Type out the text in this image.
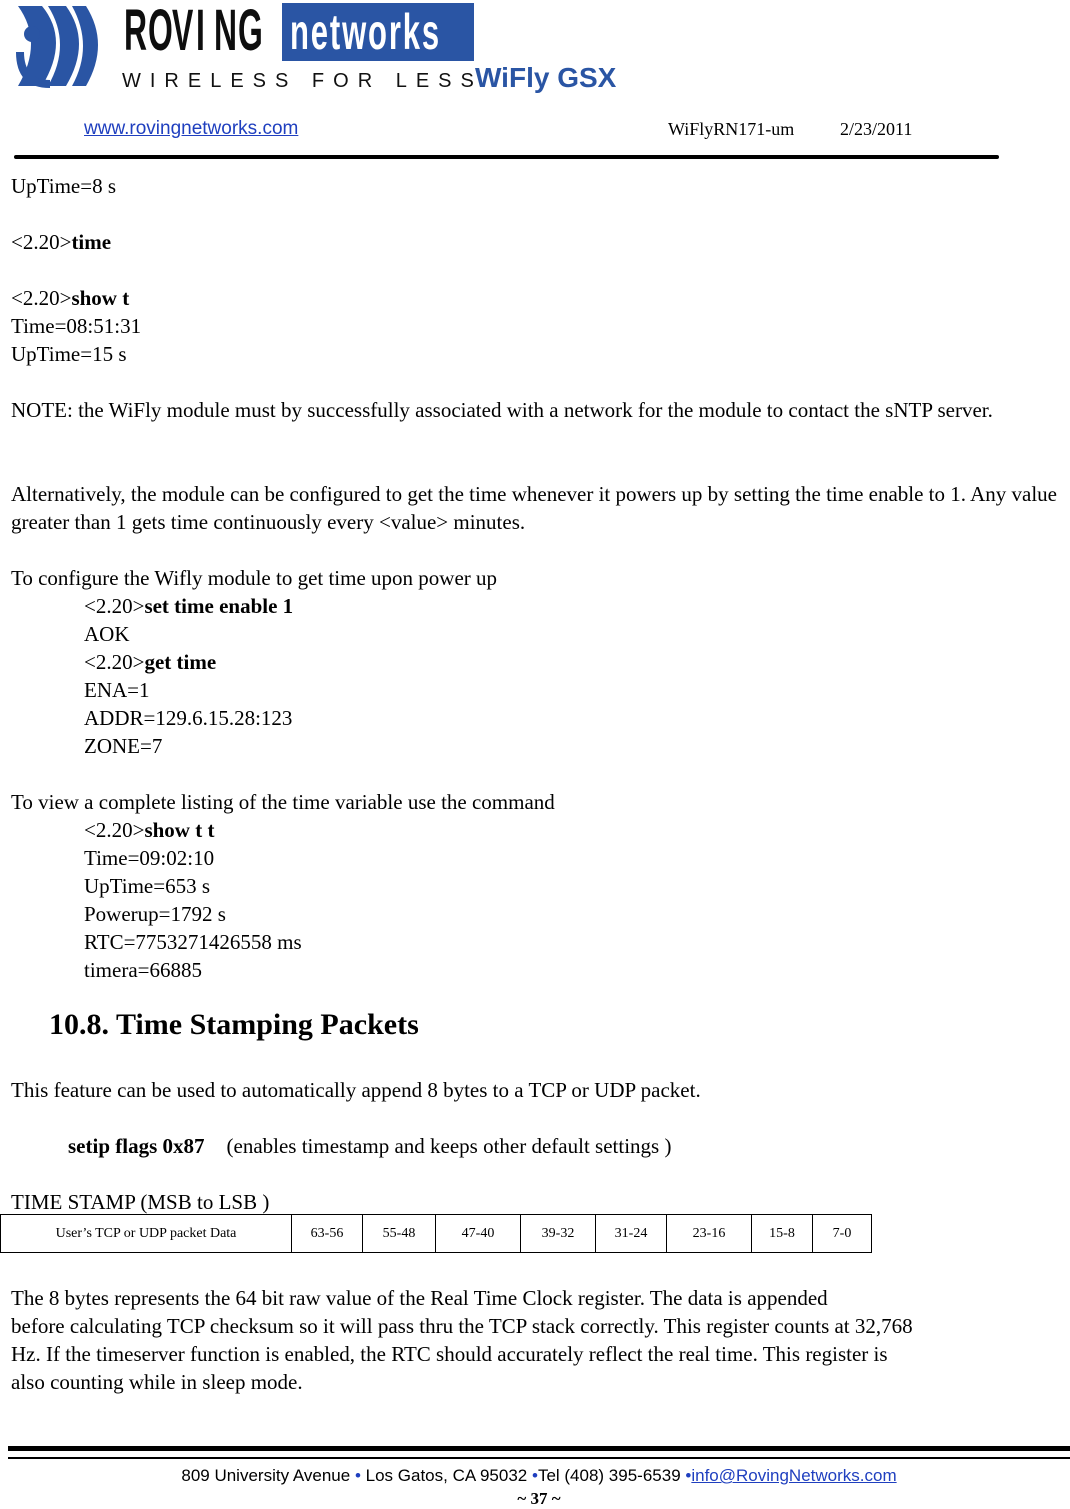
R O V I N G networks
WIRELESS FOR LESS
WiFly GSX
www.rovingnetworks.com	WiFlyRN171-um	2/23/2011
UpTime=8 s
<2.20>time
<2.20>show t
Time=08:51:31
UpTime=15 s
NOTE: the WiFly module must by successfully associated with a network for the module to contact the sNTP server.
Alternatively, the module can be configured to get the time whenever it powers up by setting the time enable to 1. Any value greater than 1 gets time continuously every <value> minutes.
To configure the Wifly module to get time upon power up
<2.20>set time enable 1
AOK
<2.20>get time
ENA=1
ADDR=129.6.15.28:123
ZONE=7
To view a complete listing of the time variable use the command
<2.20>show t t
Time=09:02:10
UpTime=653 s
Powerup=1792 s
RTC=7753271426558 ms
timera=66885
10.8. Time Stamping Packets
This feature can be used to automatically append 8 bytes to a TCP or UDP packet.
setip flags 0x87 (enables timestamp and keeps other default settings )
TIME STAMP (MSB to LSB )
User’s TCP or UDP packet Data	63-56	55-48	47-40	39-32	31-24	23-16	15-8	7-0
The 8 bytes represents the 64 bit raw value of the Real Time Clock register. The data is appended
before calculating TCP checksum so it will pass thru the TCP stack correctly. This register counts at 32,768
Hz. If the timeserver function is enabled, the RTC should accurately reflect the real time. This register is
also counting while in sleep mode.
809 University Avenue • Los Gatos, CA 95032 •Tel (408) 395-6539 •info@RovingNetworks.com
~ 37 ~
